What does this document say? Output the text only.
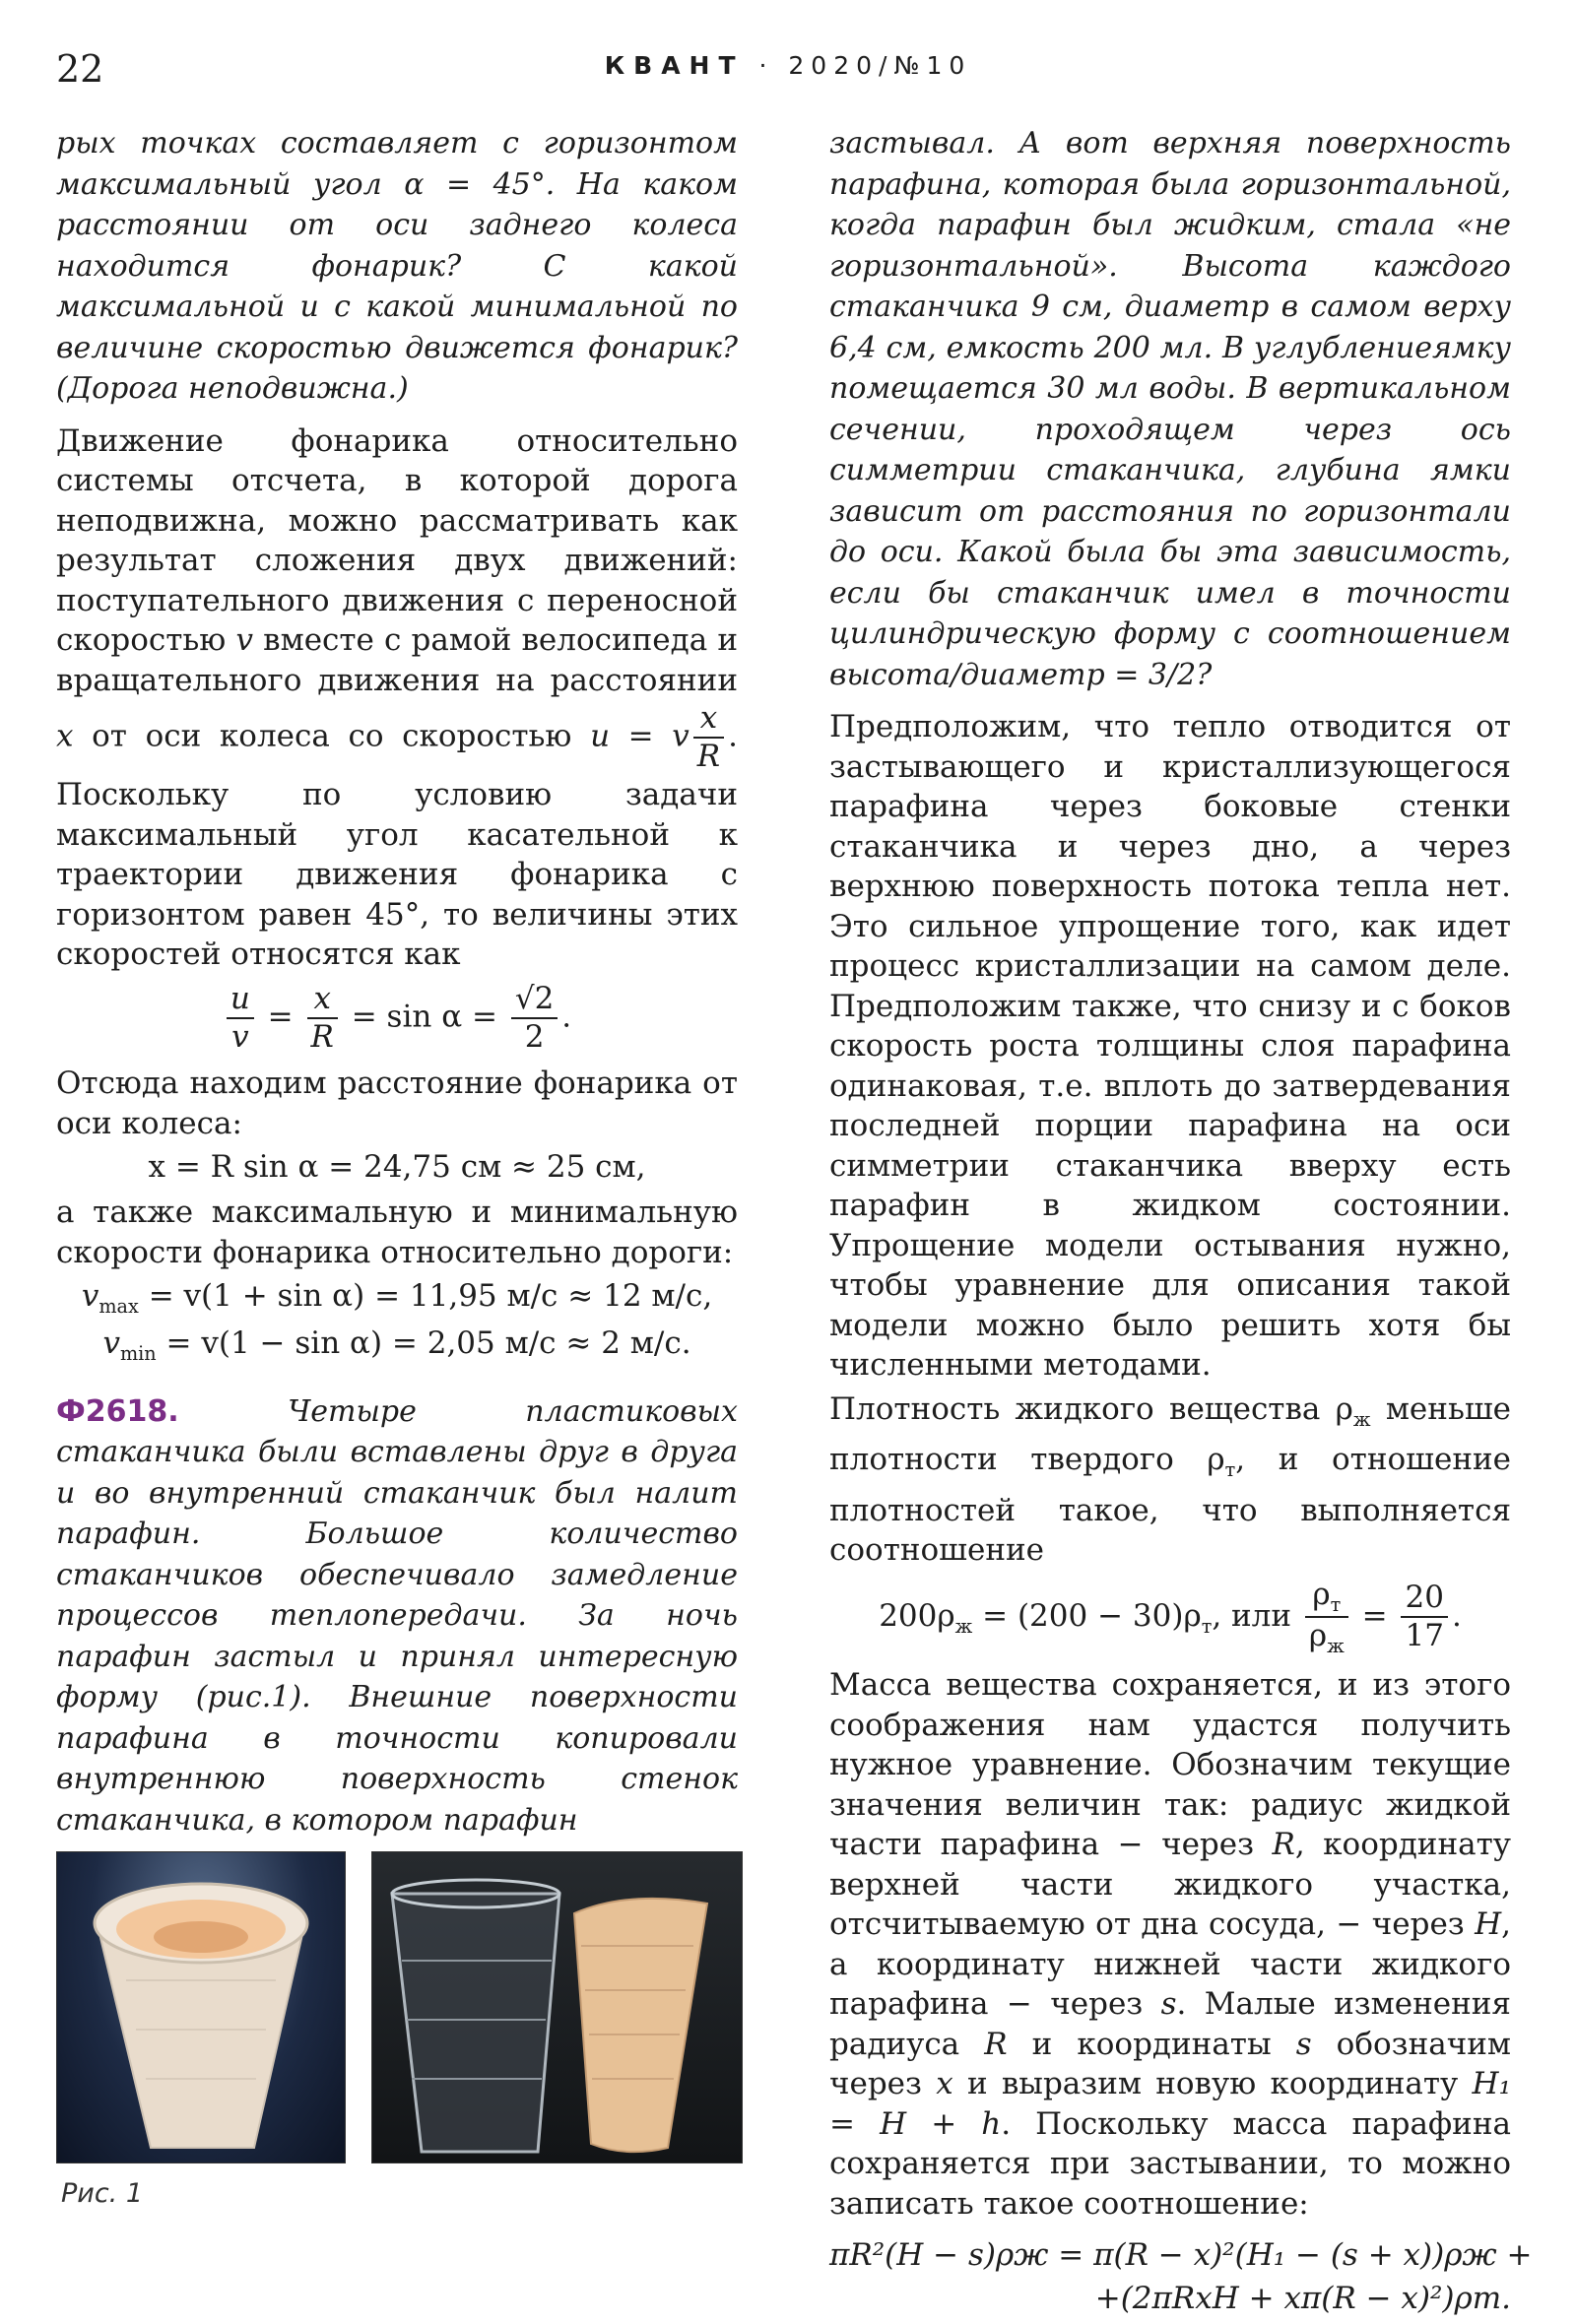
22	КВАНТ · 2020/№10

рых точках составляет с горизонтом максимальный угол α = 45°. На каком расстоянии от оси заднего колеса находится фонарик? С какой максимальной и с какой минимальной по величине скоростью движется фонарик? (Дорога неподвижна.)

Движение фонарика относительно системы отсчета, в которой дорога неподвижна, можно рассматривать как результат сложения двух движений: поступательного движения с переносной скоростью v вместе с рамой велосипеда и вращательного движения на расстоянии x от оси колеса со скоростью u = v $\frac{x}{R}$ . Поскольку по условию задачи максимальный угол касательной к траектории движения фонарика с горизонтом равен 45°, то величины этих скоростей относятся как

$\frac{u}{v} = \frac{x}{R} = \sin \alpha = \frac{√2}{2}$ .

Отсюда находим расстояние фонарика от оси колеса:

x = R sin α = 24,75 см ≈ 25 см,

а также максимальную и минимальную скорости фонарика относительно дороги:

$v_{max} = v(1 + \sin \alpha) = 11,95$ м/с ≈ 12 м/с,
$v_{min} = v(1 - \sin \alpha) = 2,05$ м/с ≈ 2 м/с.

Ф2618.	Четыре пластиковых стаканчика были вставлены друг в друга и во внутренний стаканчик был налит парафин. Большое количество стаканчиков обеспечивало замедление процессов теплопередачи. За ночь парафин застыл и принял интересную форму (рис.1). Внешние поверхности парафина в точности копировали внутреннюю поверхность стенок стаканчика, в котором парафин

Рис. 1

застывал. А вот верхняя поверхность парафина, которая была горизонтальной, когда парафин был жидким, стала «не горизонтальной». Высота каждого стаканчика 9 см, диаметр в самом верху 6,4 см, емкость 200 мл. В углублениеямку помещается 30 мл воды. В вертикальном сечении, проходящем через ось симметрии стаканчика, глубина ямки зависит от расстояния по горизонтали до оси. Какой была бы эта зависимость, если бы стаканчик имел в точности цилиндрическую форму с соотношением высота/диаметр = 3/2?

Предположим, что тепло отводится от застывающего и кристаллизующегося парафина через боковые стенки стаканчика и через дно, а через верхнюю поверхность потока тепла нет. Это сильное упрощение того, как идет процесс кристаллизации на самом деле. Предположим также, что снизу и с боков скорость роста толщины слоя парафина одинаковая, т.е. вплоть до затвердевания последней порции парафина на оси симметрии стаканчика вверху есть парафин в жидком состоянии. Упрощение модели остывания нужно, чтобы уравнение для описания такой модели можно было решить хотя бы численными методами.

Плотность жидкого вещества $\rho_ж$ меньше плотности твердого $\rho_т$, и отношение плотностей такое, что выполняется соотношение

$200\rho_ж = (200 - 30)\rho_т$, или $\frac{\rho_т}{\rho_ж} = \frac{20}{17}$ .

Масса вещества сохраняется, и из этого соображения нам удастся получить нужное уравнение. Обозначим текущие значения величин так: радиус жидкой части парафина − через R, координату верхней части жидкого участка, отсчитываемую от дна сосуда, − через H, а координату нижней части жидкого парафина − через s. Малые изменения радиуса R и координаты s обозначим через x и выразим новую координату H₁ = H + h. Поскольку масса парафина сохраняется при застывании, то можно записать такое соотношение:

πR²(H − s)ρж = π(R − x)²(H₁ − (s + x))ρж +
+(2πRxH + xπ(R − x)²)ρт.
